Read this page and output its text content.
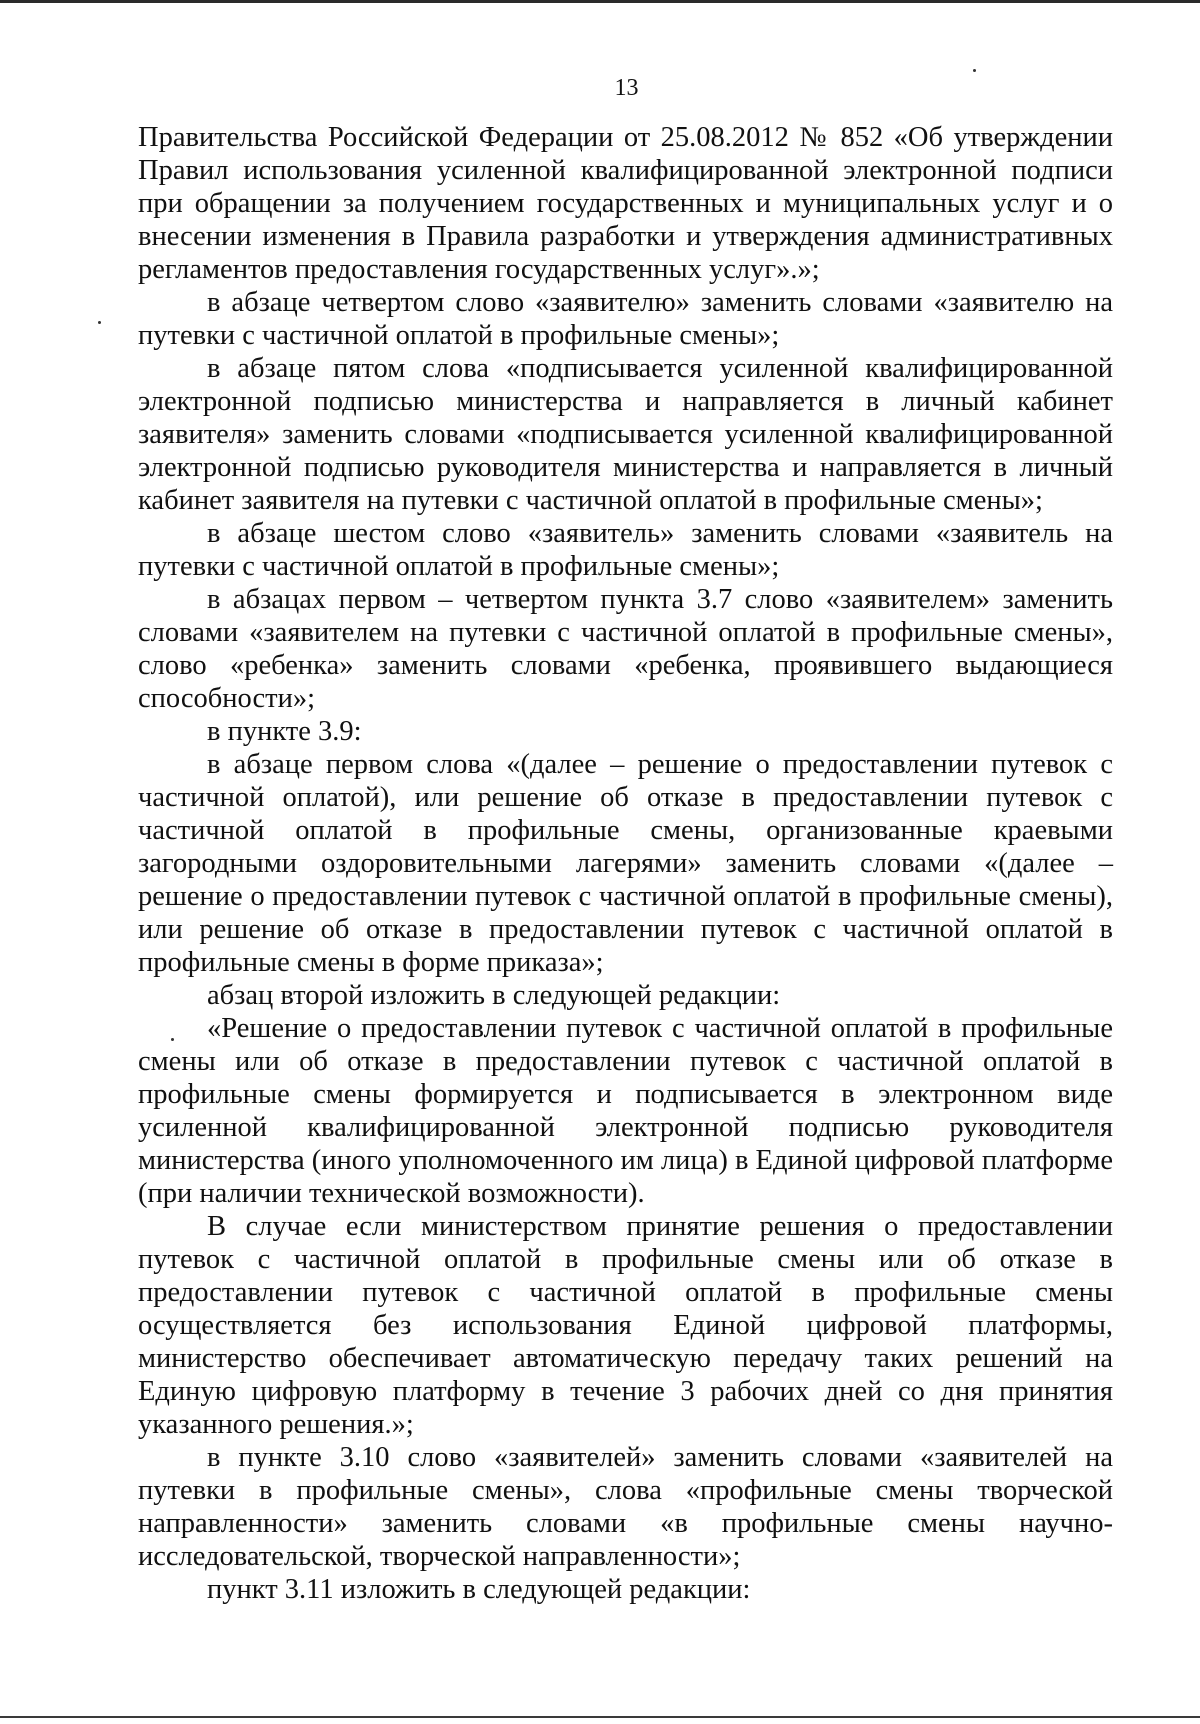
13

Правительства Российской Федерации от 25.08.2012 № 852 «Об утверждении Правил использования усиленной квалифицированной электронной подписи при обращении за получением государственных и муниципальных услуг и о внесении изменения в Правила разработки и утверждения административных регламентов предоставления государственных услуг».»;

в абзаце четвертом слово «заявителю» заменить словами «заявителю на путевки с частичной оплатой в профильные смены»;

в абзаце пятом слова «подписывается усиленной квалифицированной электронной подписью министерства и направляется в личный кабинет заявителя» заменить словами «подписывается усиленной квалифицированной электронной подписью руководителя министерства и направляется в личный кабинет заявителя на путевки с частичной оплатой в профильные смены»;

в абзаце шестом слово «заявитель» заменить словами «заявитель на путевки с частичной оплатой в профильные смены»;

в абзацах первом – четвертом пункта 3.7 слово «заявителем» заменить словами «заявителем на путевки с частичной оплатой в профильные смены», слово «ребенка» заменить словами «ребенка, проявившего выдающиеся способности»;

в пункте 3.9:

в абзаце первом слова «(далее – решение о предоставлении путевок с частичной оплатой), или решение об отказе в предоставлении путевок с частичной оплатой в профильные смены, организованные краевыми загородными оздоровительными лагерями» заменить словами «(далее – решение о предоставлении путевок с частичной оплатой в профильные смены), или решение об отказе в предоставлении путевок с частичной оплатой в профильные смены в форме приказа»;

абзац второй изложить в следующей редакции:

«Решение о предоставлении путевок с частичной оплатой в профильные смены или об отказе в предоставлении путевок с частичной оплатой в профильные смены формируется и подписывается в электронном виде усиленной квалифицированной электронной подписью руководителя министерства (иного уполномоченного им лица) в Единой цифровой платформе (при наличии технической возможности).

В случае если министерством принятие решения о предоставлении путевок с частичной оплатой в профильные смены или об отказе в предоставлении путевок с частичной оплатой в профильные смены осуществляется без использования Единой цифровой платформы, министерство обеспечивает автоматическую передачу таких решений на Единую цифровую платформу в течение 3 рабочих дней со дня принятия указанного решения.»;

в пункте 3.10 слово «заявителей» заменить словами «заявителей на путевки в профильные смены», слова «профильные смены творческой направленности» заменить словами «в профильные смены научно-исследовательской, творческой направленности»;

пункт 3.11 изложить в следующей редакции:
